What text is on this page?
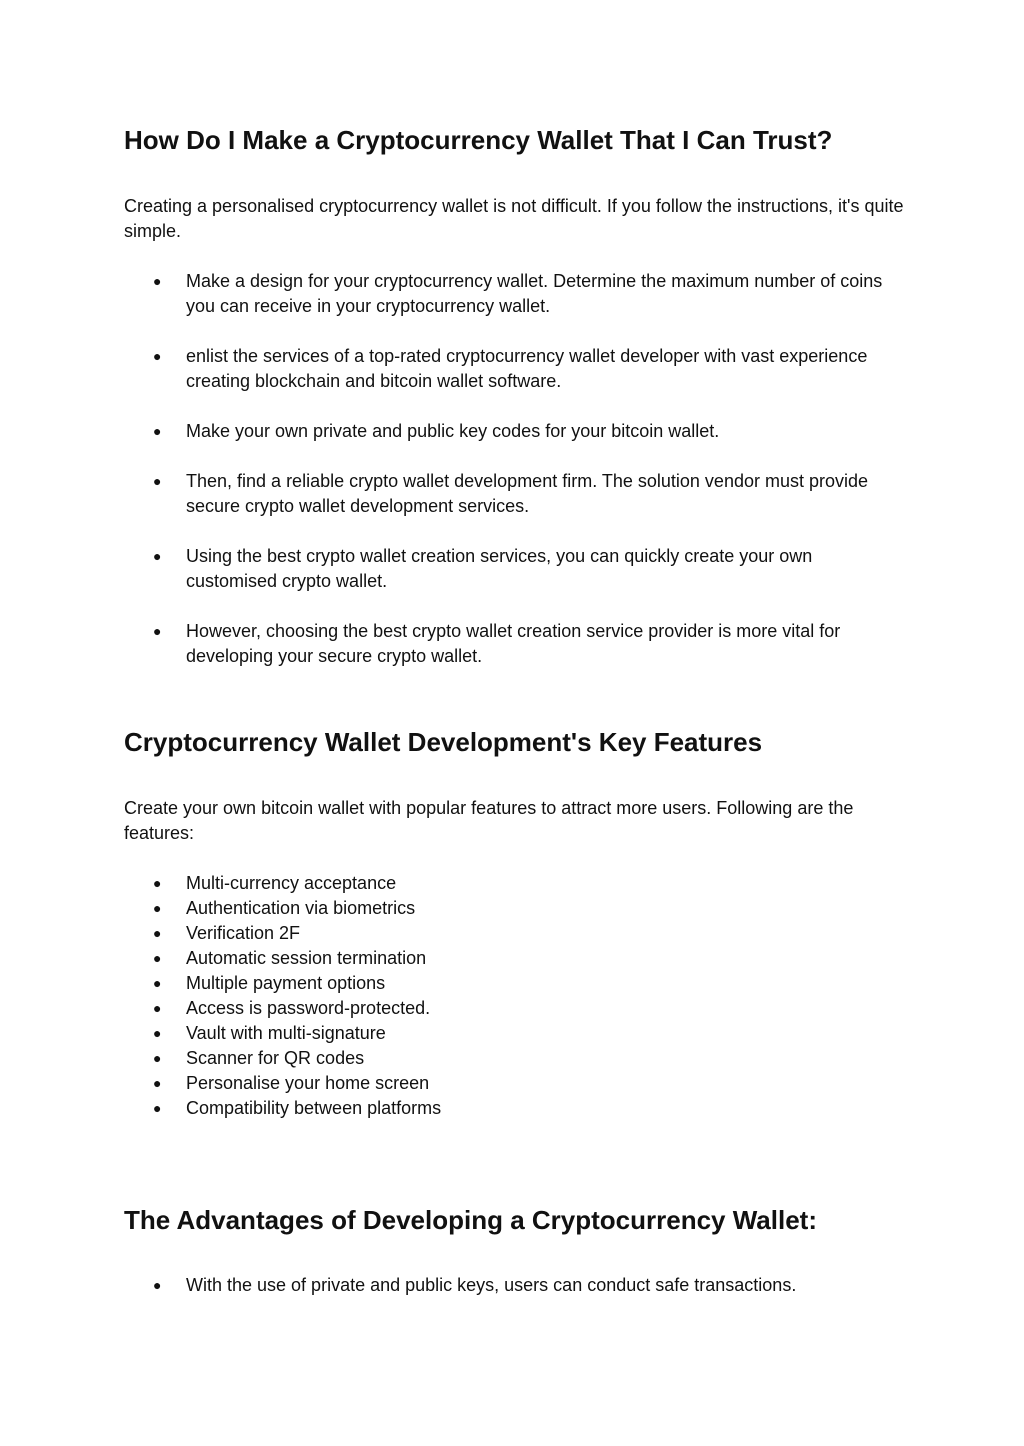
How Do I Make a Cryptocurrency Wallet That I Can Trust?

Creating a personalised cryptocurrency wallet is not difficult. If you follow the instructions, it's quite simple.

● Make a design for your cryptocurrency wallet. Determine the maximum number of coins you can receive in your cryptocurrency wallet.
● enlist the services of a top-rated cryptocurrency wallet developer with vast experience creating blockchain and bitcoin wallet software.
● Make your own private and public key codes for your bitcoin wallet.
● Then, find a reliable crypto wallet development firm. The solution vendor must provide secure crypto wallet development services.
● Using the best crypto wallet creation services, you can quickly create your own customised crypto wallet.
● However, choosing the best crypto wallet creation service provider is more vital for developing your secure crypto wallet.
Cryptocurrency Wallet Development's Key Features

Create your own bitcoin wallet with popular features to attract more users. Following are the features:

● Multi-currency acceptance
● Authentication via biometrics
● Verification 2F
● Automatic session termination
● Multiple payment options
● Access is password-protected.
● Vault with multi-signature
● Scanner for QR codes
● Personalise your home screen
● Compatibility between platforms
The Advantages of Developing a Cryptocurrency Wallet:
● With the use of private and public keys, users can conduct safe transactions.
